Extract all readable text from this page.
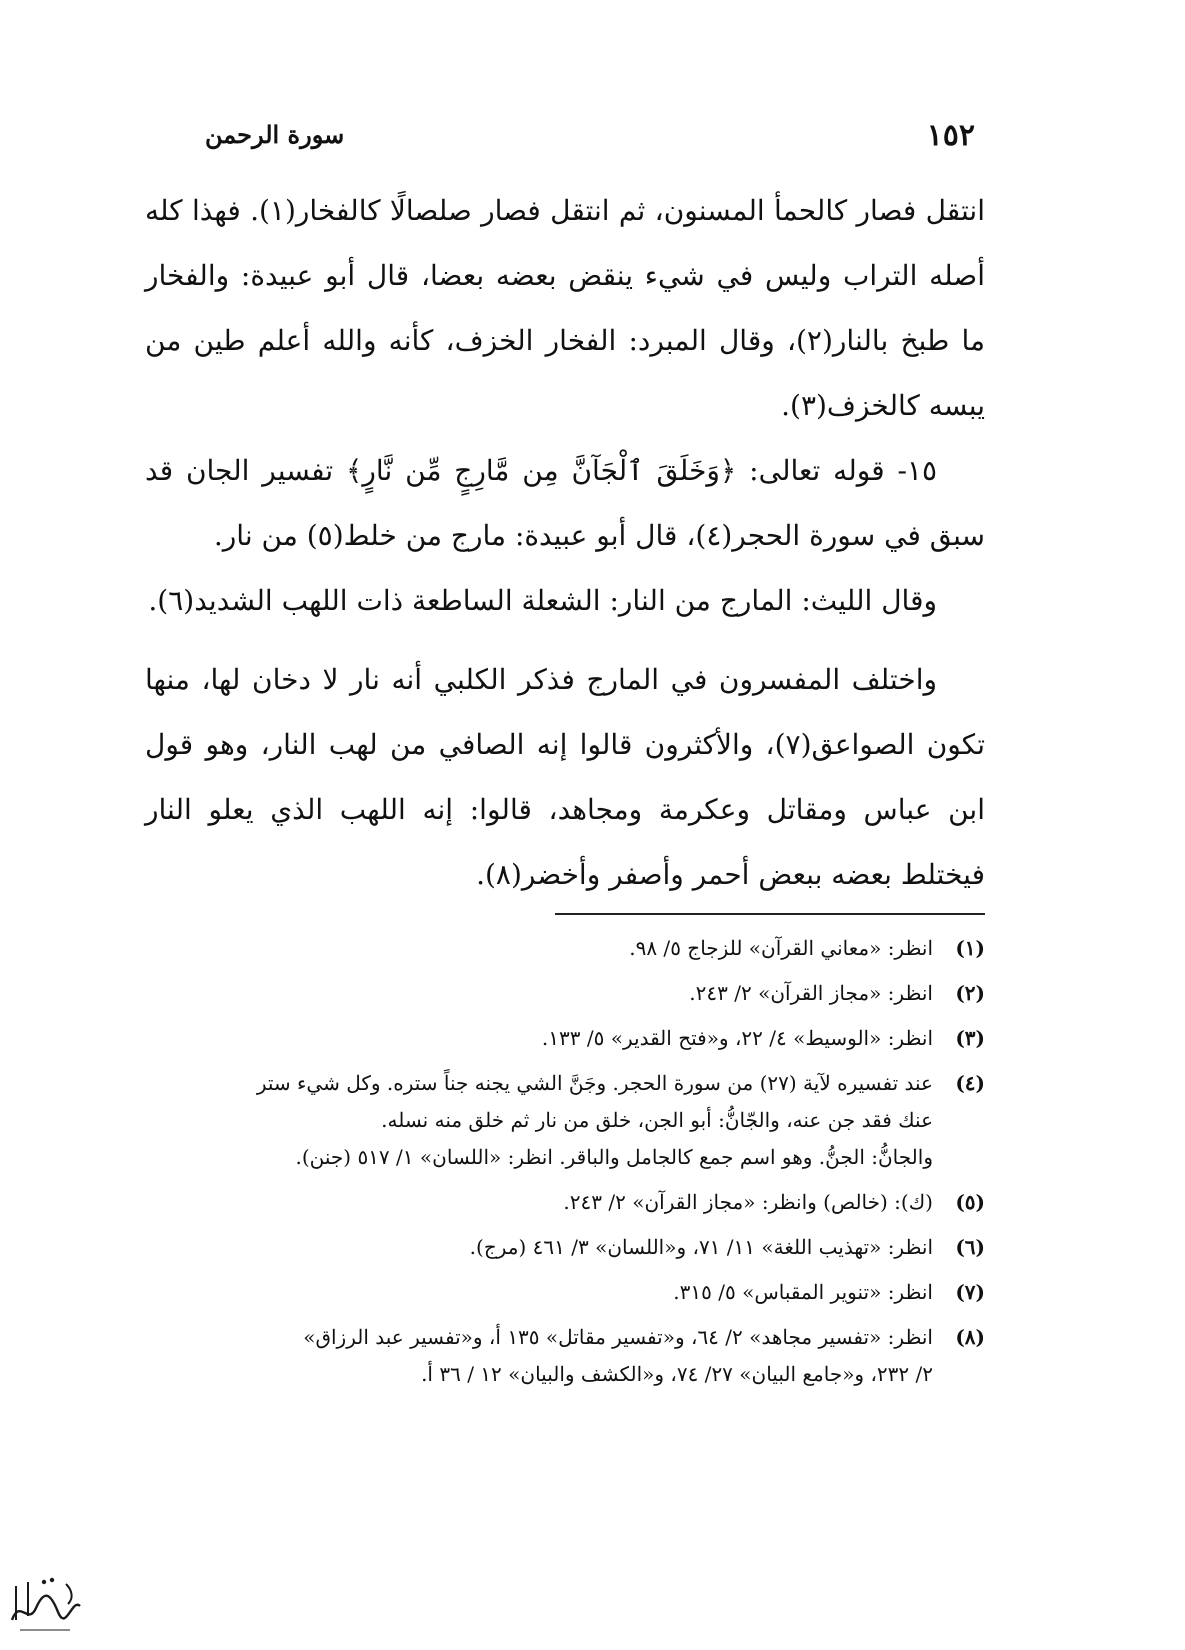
١٥٢
سورة الرحمن

انتقل فصار كالحمأ المسنون، ثم انتقل فصار صلصالًا كالفخار(١). فهذا كله أصله التراب وليس في شيء ينقض بعضه بعضا، قال أبو عبيدة: والفخار ما طبخ بالنار(٢)، وقال المبرد: الفخار الخزف، كأنه والله أعلم طين من يبسه كالخزف(٣).

١٥- قوله تعالى: ﴿وَخَلَقَ ٱلْجَآنَّ مِن مَّارِجٍ مِّن نَّارٍ﴾ تفسير الجان قد سبق في سورة الحجر(٤)، قال أبو عبيدة: مارج من خلط(٥) من نار.

وقال الليث: المارج من النار: الشعلة الساطعة ذات اللهب الشديد(٦).

واختلف المفسرون في المارج فذكر الكلبي أنه نار لا دخان لها، منها تكون الصواعق(٧)، والأكثرون قالوا إنه الصافي من لهب النار، وهو قول ابن عباس ومقاتل وعكرمة ومجاهد، قالوا: إنه اللهب الذي يعلو النار فيختلط بعضه ببعض أحمر وأصفر وأخضر(٨).

(١)
انظر: «معاني القرآن» للزجاج ٥/ ٩٨.
(٢)
انظر: «مجاز القرآن» ٢/ ٢٤٣.
(٣)
انظر: «الوسيط» ٤/ ٢٢، و«فتح القدير» ٥/ ١٣٣.
(٤)
عند تفسيره لآية (٢٧) من سورة الحجر. وجَنَّ الشي يجنه جناً ستره. وكل شيء ستر
عنك فقد جن عنه، والجّانُّ: أبو الجن، خلق من نار ثم خلق منه نسله.
والجانُّ: الجنُّ. وهو اسم جمع كالجامل والباقر. انظر: «اللسان» ١/ ٥١٧ (جنن).
(٥)
(ك): (خالص) وانظر: «مجاز القرآن» ٢/ ٢٤٣.
(٦)
انظر: «تهذيب اللغة» ١١/ ٧١، و«اللسان» ٣/ ٤٦١ (مرج).
(٧)
انظر: «تنوير المقباس» ٥/ ٣١٥.
(٨)
انظر: «تفسير مجاهد» ٢/ ٦٤، و«تفسير مقاتل» ١٣٥ أ، و«تفسير عبد الرزاق»
٢/ ٢٣٢، و«جامع البيان» ٢٧/ ٧٤، و«الكشف والبيان» ١٢ / ٣٦ أ.
